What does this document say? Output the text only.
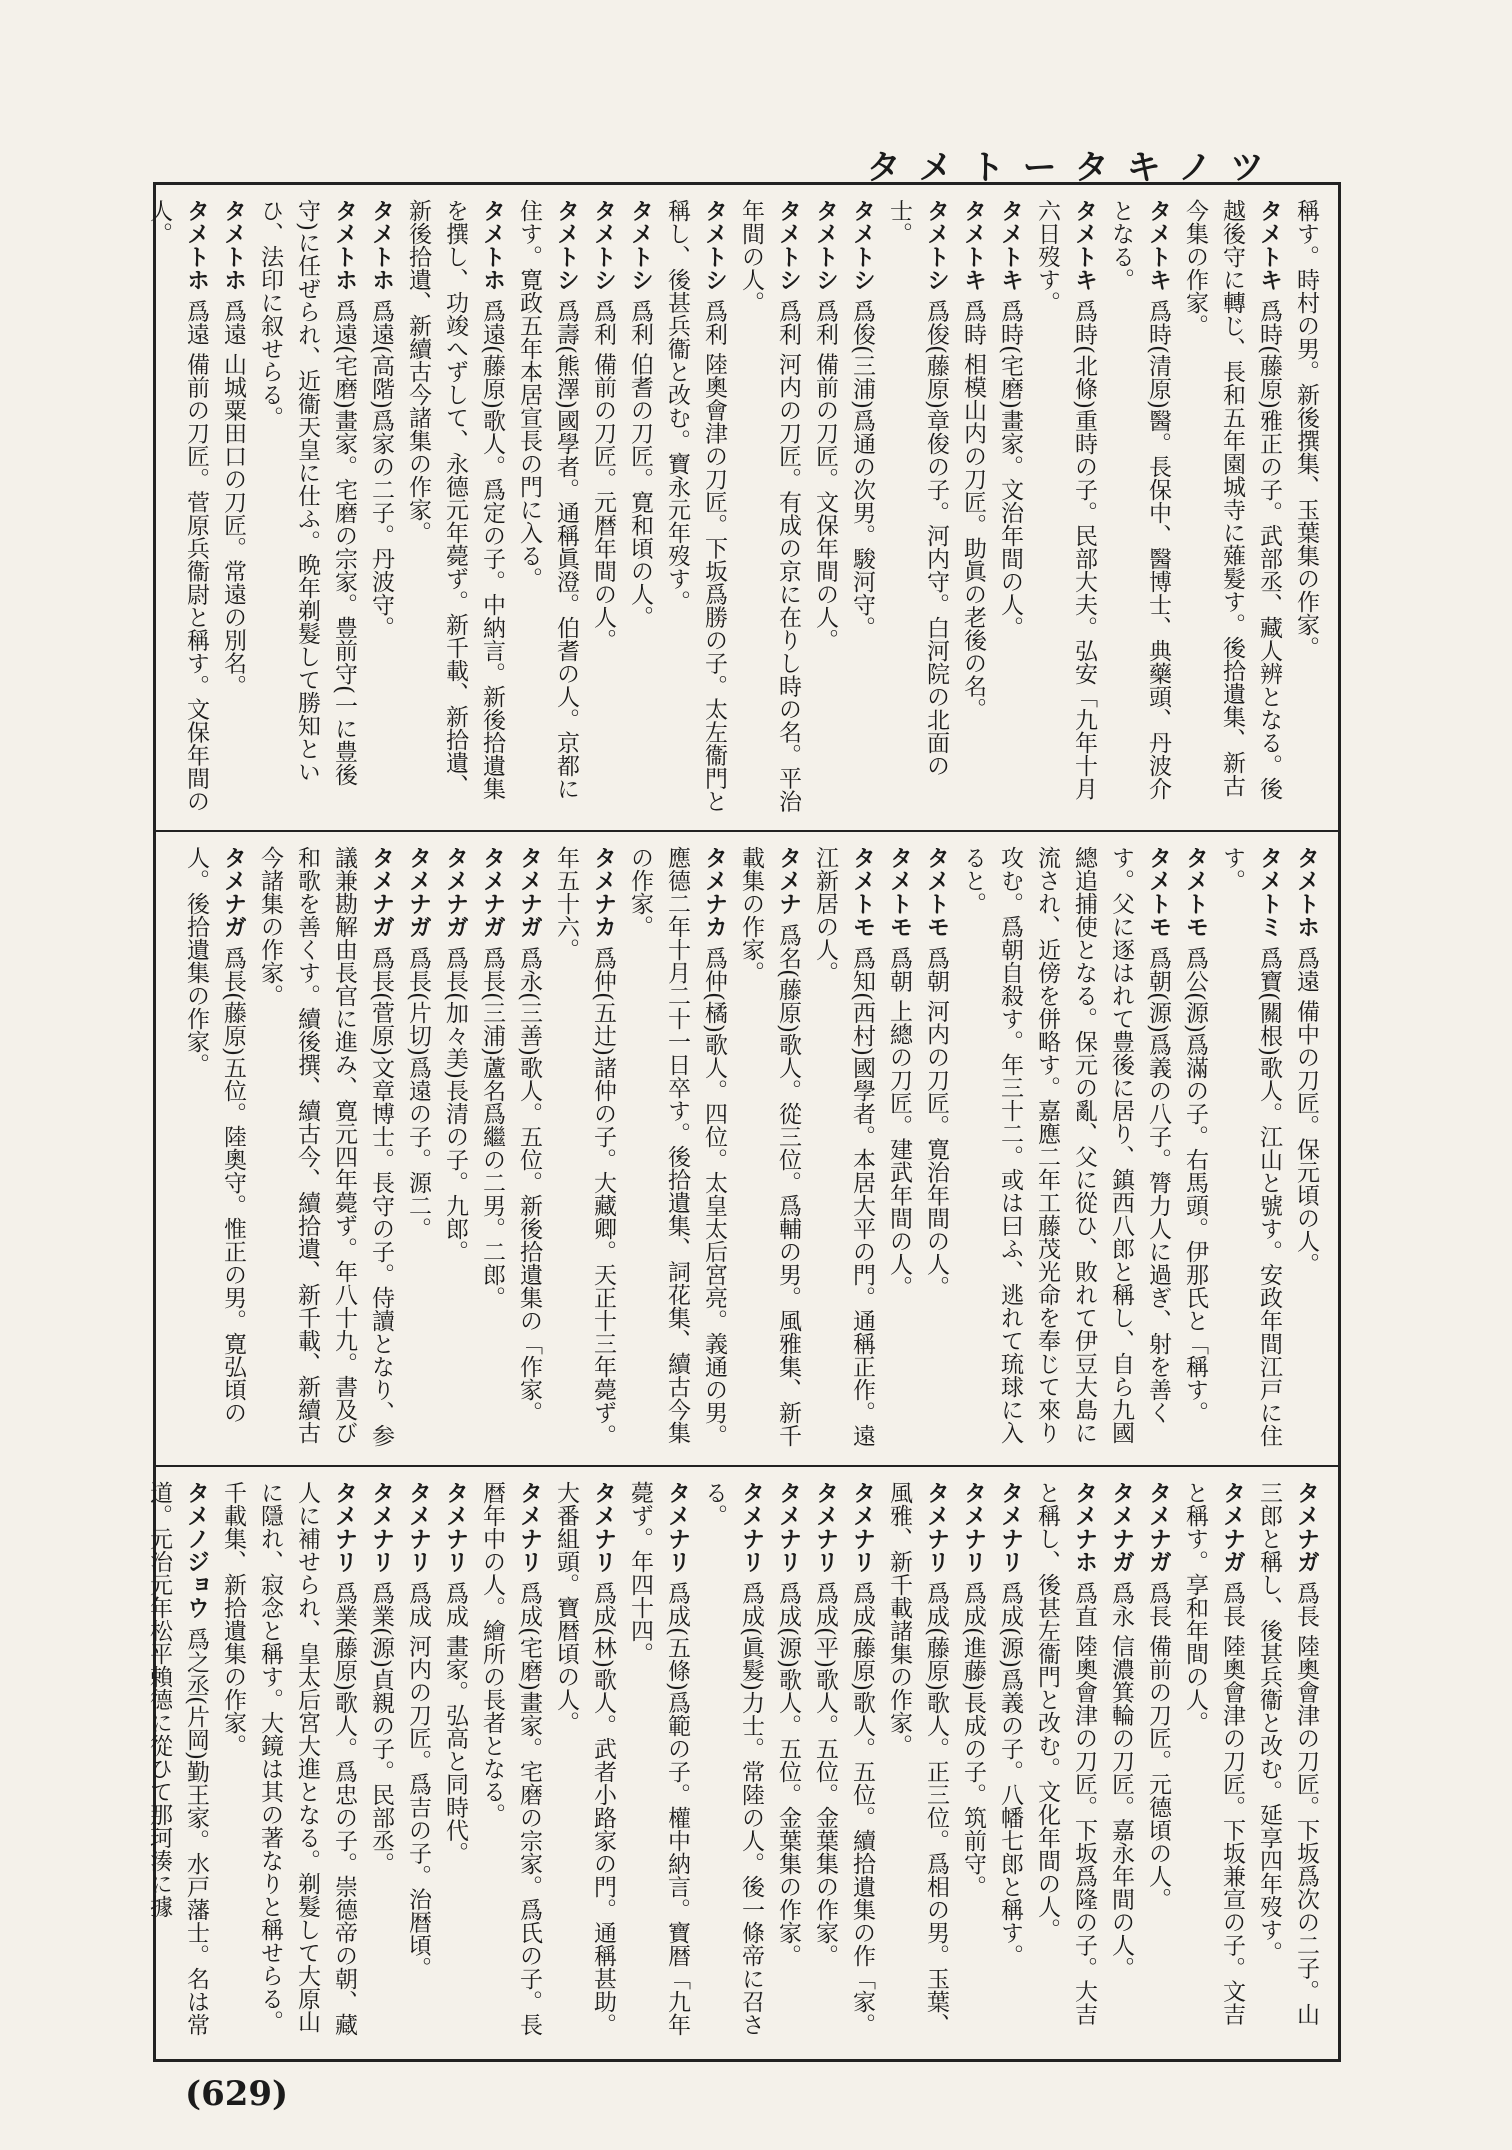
タメトータキノツ

稱す。時村の男。新後撰集、玉葉集の作家。

タメトキ 爲時(藤原)雅正の子。武部丞、藏人辨となる。後越後守に轉じ、長和五年園城寺に薙髮す。後拾遺集、新古今集の作家。

タメトキ 爲時(清原)醫。長保中、醫博士、典藥頭、丹波介となる。

タメトキ 爲時(北條)重時の子。民部大夫。弘安「九年十月六日歿す。

タメトキ 爲時(宅磨)畫家。文治年間の人。

タメトキ 爲時 相模山内の刀匠。助眞の老後の名。

タメトシ 爲俊(藤原)章俊の子。河内守。白河院の北面の士。

タメトシ 爲俊(三浦)爲通の次男。駿河守。

タメトシ 爲利 備前の刀匠。文保年間の人。

タメトシ 爲利 河内の刀匠。有成の京に在りし時の名。平治年間の人。

タメトシ 爲利 陸奧會津の刀匠。下坂爲勝の子。太左衞門と稱し、後甚兵衞と改む。寶永元年歿す。

タメトシ 爲利 伯耆の刀匠。寛和頃の人。

タメトシ 爲利 備前の刀匠。元暦年間の人。

タメトシ 爲壽(熊澤)國學者。通稱眞澄。伯耆の人。京都に住す。寛政五年本居宣長の門に入る。

タメトホ 爲遠(藤原)歌人。爲定の子。中納言。新後拾遺集を撰し、功竣へずして、永德元年薨ず。新千載、新拾遺、新後拾遺、新續古今諸集の作家。

タメトホ 爲遠(高階)爲家の二子。丹波守。

タメトホ 爲遠(宅磨)畫家。宅磨の宗家。豊前守(一に豊後守)に任ぜられ、近衞天皇に仕ふ。晩年剃髮して勝知といひ、法印に叙せらる。

タメトホ 爲遠 山城粟田口の刀匠。常遠の別名。

タメトホ 爲遠 備前の刀匠。菅原兵衞尉と稱す。文保年間の人。

タメトホ 爲遠 備中の刀匠。保元頃の人。

タメトミ 爲寶(關根)歌人。江山と號す。安政年間江戸に住す。

タメトモ 爲公(源)爲滿の子。右馬頭。伊那氏と「稱す。

タメトモ 爲朝(源)爲義の八子。膂力人に過ぎ、射を善くす。父に逐はれて豊後に居り、鎮西八郎と稱し、自ら九國總追捕使となる。保元の亂、父に從ひ、敗れて伊豆大島に流され、近傍を併略す。嘉應二年工藤茂光命を奉じて來り攻む。爲朝自殺す。年三十二。或は曰ふ、逃れて琉球に入ると。

タメトモ 爲朝 河内の刀匠。寛治年間の人。

タメトモ 爲朝 上總の刀匠。建武年間の人。

タメトモ 爲知(西村)國學者。本居大平の門。通稱正作。遠江新居の人。

タメナ 爲名(藤原)歌人。從三位。爲輔の男。風雅集、新千載集の作家。

タメナカ 爲仲(橘)歌人。四位。太皇太后宮亮。義通の男。應德二年十月二十一日卒す。後拾遺集、詞花集、續古今集の作家。

タメナカ 爲仲(五辻)諸仲の子。大藏卿。天正十三年薨ず。年五十六。

タメナガ 爲永(三善)歌人。五位。新後拾遺集の「作家。

タメナガ 爲長(三浦)蘆名爲繼の二男。二郎。

タメナガ 爲長(加々美)長清の子。九郎。

タメナガ 爲長(片切)爲遠の子。源二。

タメナガ 爲長(菅原)文章博士。長守の子。侍讀となり、参議兼勘解由長官に進み、寛元四年薨ず。年八十九。書及び和歌を善くす。續後撰、續古今、續拾遺、新千載、新續古今諸集の作家。

タメナガ 爲長(藤原)五位。陸奧守。惟正の男。寛弘頃の人。後拾遺集の作家。

タメナガ 爲長 陸奧會津の刀匠。下坂爲次の二子。山三郎と稱し、後甚兵衞と改む。延享四年歿す。

タメナガ 爲長 陸奧會津の刀匠。下坂兼宣の子。文吉と稱す。享和年間の人。

タメナガ 爲長 備前の刀匠。元德頃の人。

タメナガ 爲永 信濃箕輪の刀匠。嘉永年間の人。

タメナホ 爲直 陸奧會津の刀匠。下坂爲隆の子。大吉と稱し、後甚左衞門と改む。文化年間の人。

タメナリ 爲成(源)爲義の子。八幡七郎と稱す。

タメナリ 爲成(進藤)長成の子。筑前守。

タメナリ 爲成(藤原)歌人。正三位。爲相の男。玉葉、風雅、新千載諸集の作家。

タメナリ 爲成(藤原)歌人。五位。續拾遺集の作「家。

タメナリ 爲成(平)歌人。五位。金葉集の作家。

タメナリ 爲成(源)歌人。五位。金葉集の作家。

タメナリ 爲成(眞髮)力士。常陸の人。後一條帝に召さる。

タメナリ 爲成(五條)爲範の子。權中納言。寶暦「九年薨ず。年四十四。

タメナリ 爲成(林)歌人。武者小路家の門。通稱甚助。大番組頭。寶暦頃の人。

タメナリ 爲成(宅磨)畫家。宅磨の宗家。爲氏の子。長暦年中の人。繪所の長者となる。

タメナリ 爲成 畫家。弘高と同時代。

タメナリ 爲成 河内の刀匠。爲吉の子。治暦頃。

タメナリ 爲業(源)貞親の子。民部丞。

タメナリ 爲業(藤原)歌人。爲忠の子。崇德帝の朝、藏人に補せられ、皇太后宮大進となる。剃髮して大原山に隱れ、寂念と稱す。大鏡は其の著なりと稱せらる。千載集、新拾遺集の作家。

タメノジョウ 爲之丞(片岡)勤王家。水戸藩士。名は常道。元治元年松平賴德に從ひて那珂湊に據

(629)
